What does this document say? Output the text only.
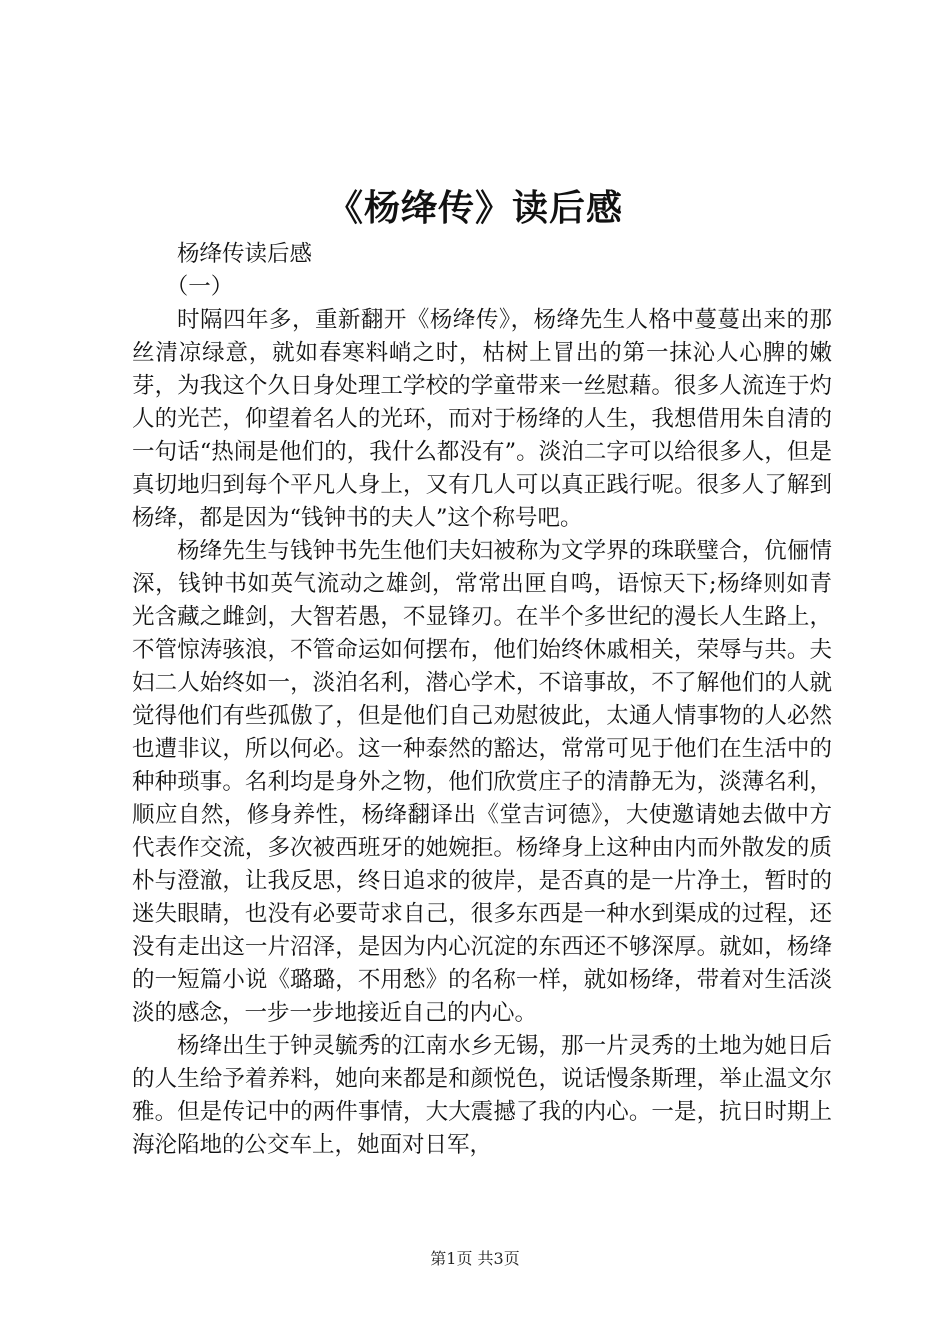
《杨绛传》读后感

杨绛传读后感

（一）

时隔四年多，重新翻开《杨绛传》，杨绛先生人格中蔓蔓出来的那丝清凉绿意，就如春寒料峭之时，枯树上冒出的第一抹沁人心脾的嫩芽，为我这个久日身处理工学校的学童带来一丝慰藉。很多人流连于灼人的光芒，仰望着名人的光环，而对于杨绛的人生，我想借用朱自清的一句话“热闹是他们的，我什么都没有”。淡泊二字可以给很多人，但是真切地归到每个平凡人身上，又有几人可以真正践行呢。很多人了解到杨绛，都是因为“钱钟书的夫人”这个称号吧。

杨绛先生与钱钟书先生他们夫妇被称为文学界的珠联璧合，伉俪情深，钱钟书如英气流动之雄剑，常常出匣自鸣，语惊天下;杨绛则如青光含藏之雌剑，大智若愚，不显锋刃。在半个多世纪的漫长人生路上，不管惊涛骇浪，不管命运如何摆布，他们始终休戚相关，荣辱与共。夫妇二人始终如一，淡泊名利，潜心学术，不谙事故，不了解他们的人就觉得他们有些孤傲了，但是他们自己劝慰彼此，太通人情事物的人必然也遭非议，所以何必。这一种泰然的豁达，常常可见于他们在生活中的种种琐事。名利均是身外之物，他们欣赏庄子的清静无为，淡薄名利，顺应自然，修身养性，杨绛翻译出《堂吉诃德》，大使邀请她去做中方代表作交流，多次被西班牙的她婉拒。杨绛身上这种由内而外散发的质朴与澄澈，让我反思，终日追求的彼岸，是否真的是一片净土，暂时的迷失眼睛，也没有必要苛求自己，很多东西是一种水到渠成的过程，还没有走出这一片沼泽，是因为内心沉淀的东西还不够深厚。就如，杨绛的一短篇小说《璐璐，不用愁》的名称一样，就如杨绛，带着对生活淡淡的感念，一步一步地接近自己的内心。

杨绛出生于钟灵毓秀的江南水乡无锡，那一片灵秀的土地为她日后的人生给予着养料，她向来都是和颜悦色，说话慢条斯理，举止温文尔雅。但是传记中的两件事情，大大震撼了我的内心。一是，抗日时期上海沦陷地的公交车上，她面对日军，

第1页 共3页
